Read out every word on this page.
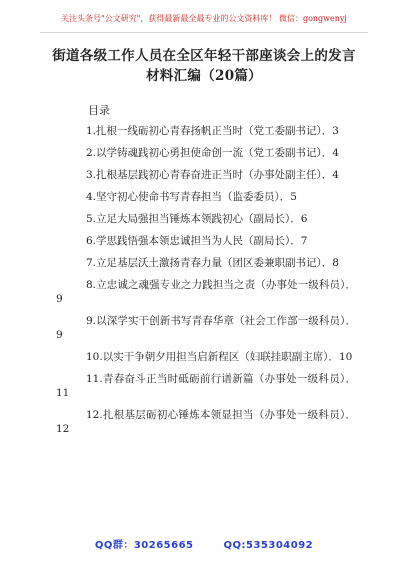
关注头条号"公文研究"，获得最新最全最专业的公文资料库！ 微信：gongwenyj
街道各级工作人员在全区年轻干部座谈会上的发言材料汇编（20篇）
目录
1.扎根一线砺初心青春扬帆正当时（党工委副书记）．3
2.以学铸魂践初心勇担使命创一流（党工委副书记）．4
3.扎根基层践初心青春奋进正当时（办事处副主任）．4
4.坚守初心使命书写青春担当（监委委员）．5
5.立足大局强担当锤炼本领践初心（副局长）．6
6.学思践悟强本领忠诚担当为人民（副局长）．7
7.立足基层沃土激扬青春力量（团区委兼职副书记）．8
8.立忠诚之魂强专业之力践担当之责（办事处一级科员）．9
9.以深学实干创新书写青春华章（社会工作部一级科员）．9
10.以实干争朝夕用担当启新程区（妇联挂职副主席）．10
11.青春奋斗正当时砥砺前行谱新篇（办事处一级科员）．11
12.扎根基层砺初心锤炼本领显担当（办事处一级科员）．12
QQ群：30265665	QQ:535304092
